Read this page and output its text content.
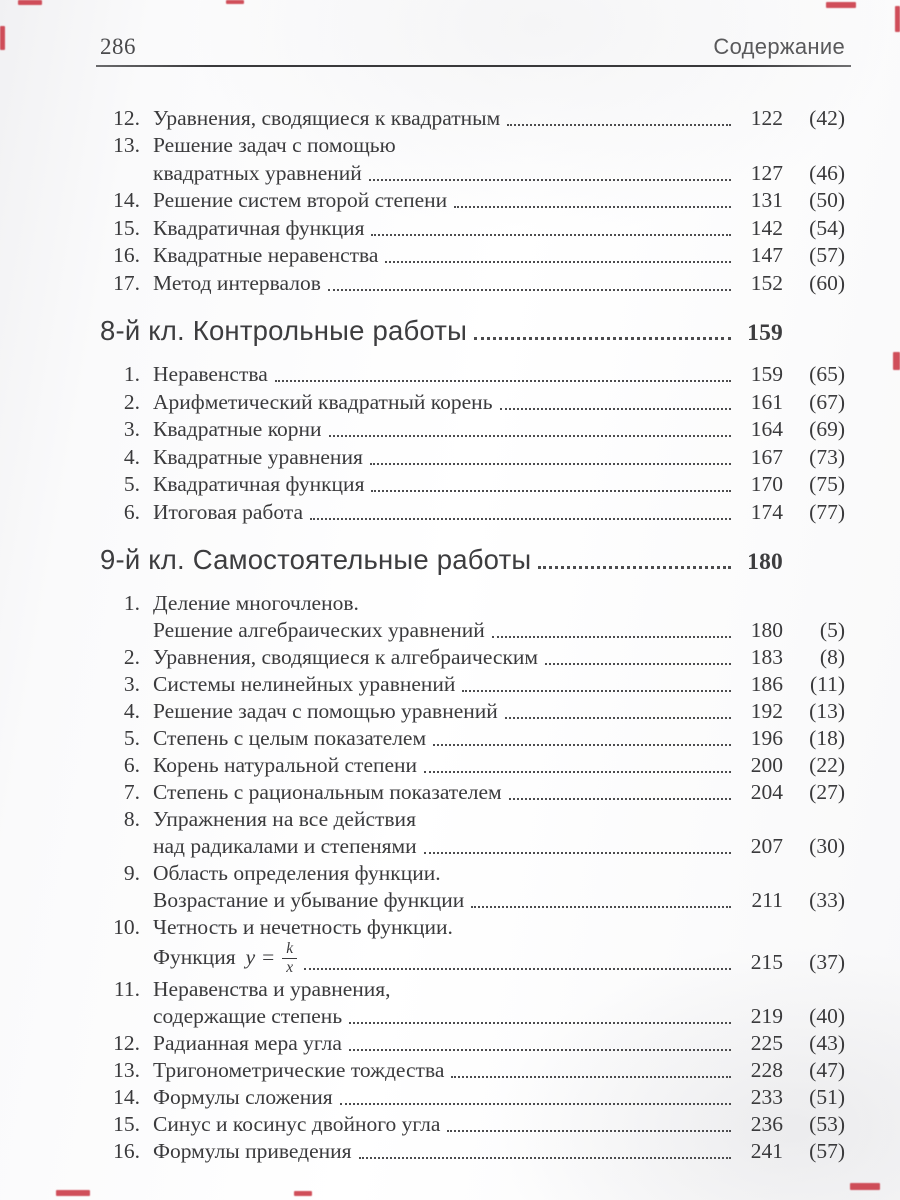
286	Содержание
12. Уравнения, сводящиеся к квадратным	122	(42)
13. Решение задач с помощью
квадратных уравнений	127	(46)
14. Решение систем второй степени	131	(50)
15. Квадратичная функция	142	(54)
16. Квадратные неравенства	147	(57)
17. Метод интервалов	152	(60)
8-й кл. Контрольные работы	159
1. Неравенства	159	(65)
2. Арифметический квадратный корень	161	(67)
3. Квадратные корни	164	(69)
4. Квадратные уравнения	167	(73)
5. Квадратичная функция	170	(75)
6. Итоговая работа	174	(77)
9-й кл. Самостоятельные работы	180
1. Деление многочленов.
Решение алгебраических уравнений	180	(5)
2. Уравнения, сводящиеся к алгебраическим	183	(8)
3. Системы нелинейных уравнений	186	(11)
4. Решение задач с помощью уравнений	192	(13)
5. Степень с целым показателем	196	(18)
6. Корень натуральной степени	200	(22)
7. Степень с рациональным показателем	204	(27)
8. Упражнения на все действия
над радикалами и степенями	207	(30)
9. Область определения функции.
Возрастание и убывание функции	211	(33)
10. Четность и нечетность функции.
Функция $y = \frac{k}{x}$	215	(37)
11. Неравенства и уравнения,
содержащие степень	219	(40)
12. Радианная мера угла	225	(43)
13. Тригонометрические тождества	228	(47)
14. Формулы сложения	233	(51)
15. Синус и косинус двойного угла	236	(53)
16. Формулы приведения	241	(57)
